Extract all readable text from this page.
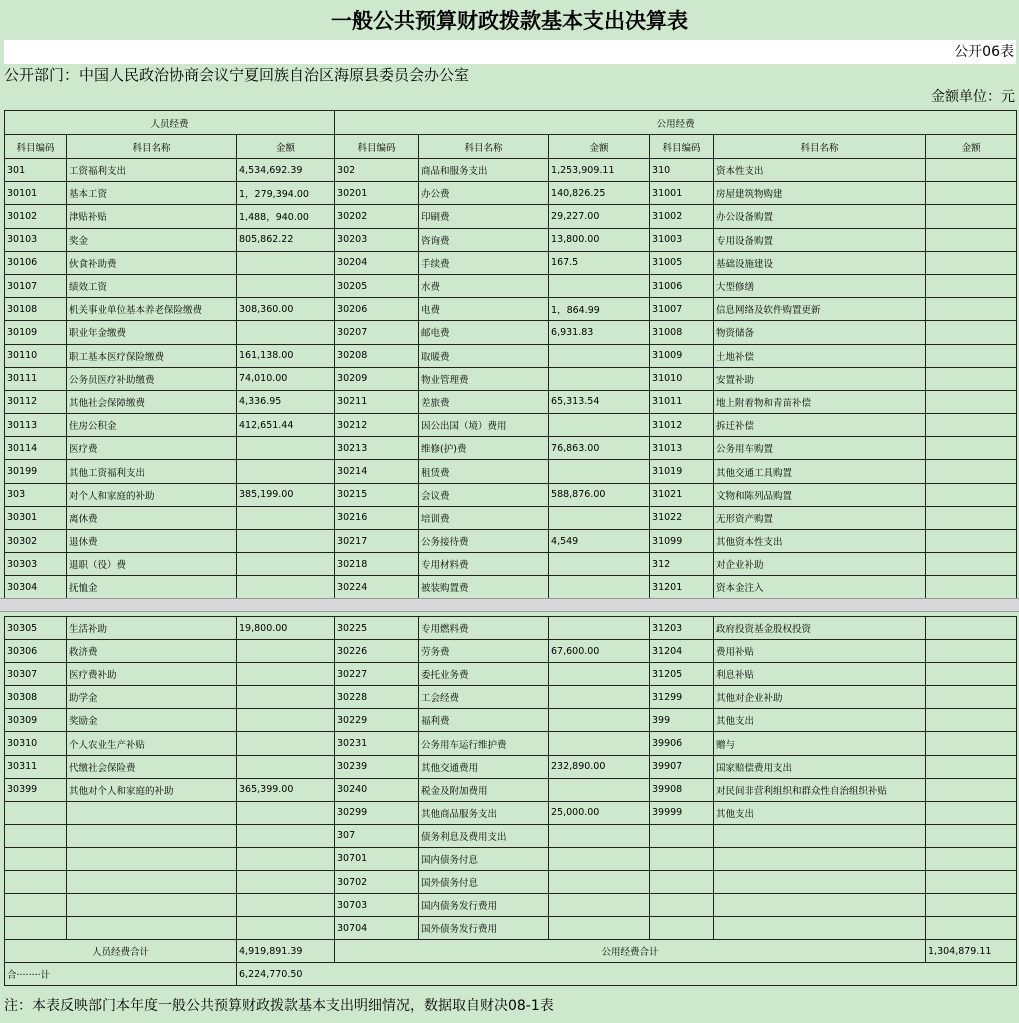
一般公共预算财政拨款基本支出决算表
公开06表
公开部门：中国人民政治协商会议宁夏回族自治区海原县委员会办公室
金额单位：元
人员经费			公用经费					
科目编码	科目名称	金额	科目编码	科目名称	金额	科目编码	科目名称	金额
301	工资福利支出	4,534,692.39	302	商品和服务支出	1,253,909.11	310	资本性支出	
30101	基本工资	1，279,394.00	30201	办公费	140,826.25	31001	房屋建筑物购建	
30102	津贴补贴	1,488，940.00	30202	印刷费	29,227.00	31002	办公设备购置	
30103	奖金	805,862.22	30203	咨询费	13,800.00	31003	专用设备购置	
30106	伙食补助费		30204	手续费	167.5	31005	基础设施建设	
30107	绩效工资		30205	水费		31006	大型修缮	
30108	机关事业单位基本养老保险缴费	308,360.00	30206	电费	1，864.99	31007	信息网络及软件购置更新	
30109	职业年金缴费		30207	邮电费	6,931.83	31008	物资储备	
30110	职工基本医疗保险缴费	161,138.00	30208	取暖费		31009	土地补偿	
30111	公务员医疗补助缴费	74,010.00	30209	物业管理费		31010	安置补助	
30112	其他社会保障缴费	4,336.95	30211	差旅费	65,313.54	31011	地上附着物和青苗补偿	
30113	住房公积金	412,651.44	30212	因公出国（境）费用		31012	拆迁补偿	
30114	医疗费		30213	维修(护)费	76,863.00	31013	公务用车购置	
30199	其他工资福利支出		30214	租赁费		31019	其他交通工具购置	
303	对个人和家庭的补助	385,199.00	30215	会议费	588,876.00	31021	文物和陈列品购置	
30301	离休费		30216	培训费		31022	无形资产购置	
30302	退休费		30217	公务接待费	4,549	31099	其他资本性支出	
30303	退职（役）费		30218	专用材料费		312	对企业补助	
30304	抚恤金		30224	被装购置费		31201	资本金注入	
30305	生活补助	19,800.00	30225	专用燃料费		31203	政府投资基金股权投资	
30306	救济费		30226	劳务费	67,600.00	31204	费用补贴	
30307	医疗费补助		30227	委托业务费		31205	利息补贴	
30308	助学金		30228	工会经费		31299	其他对企业补助	
30309	奖励金		30229	福利费		399	其他支出	
30310	个人农业生产补贴		30231	公务用车运行维护费		39906	赠与	
30311	代缴社会保险费		30239	其他交通费用	232,890.00	39907	国家赔偿费用支出	
30399	其他对个人和家庭的补助	365,399.00	30240	税金及附加费用		39908	对民间非营利组织和群众性自治组织补贴	
			30299	其他商品服务支出	25,000.00	39999	其他支出	
			307	债务利息及费用支出				
			30701	国内债务付息				
			30702	国外债务付息				
			30703	国内债务发行费用				
			30704	国外债务发行费用				
人员经费合计		4,919,891.39	公用经费合计					1,304,879.11
合········计		6,224,770.50						
注：本表反映部门本年度一般公共预算财政拨款基本支出明细情况，数据取自财决08-1表
